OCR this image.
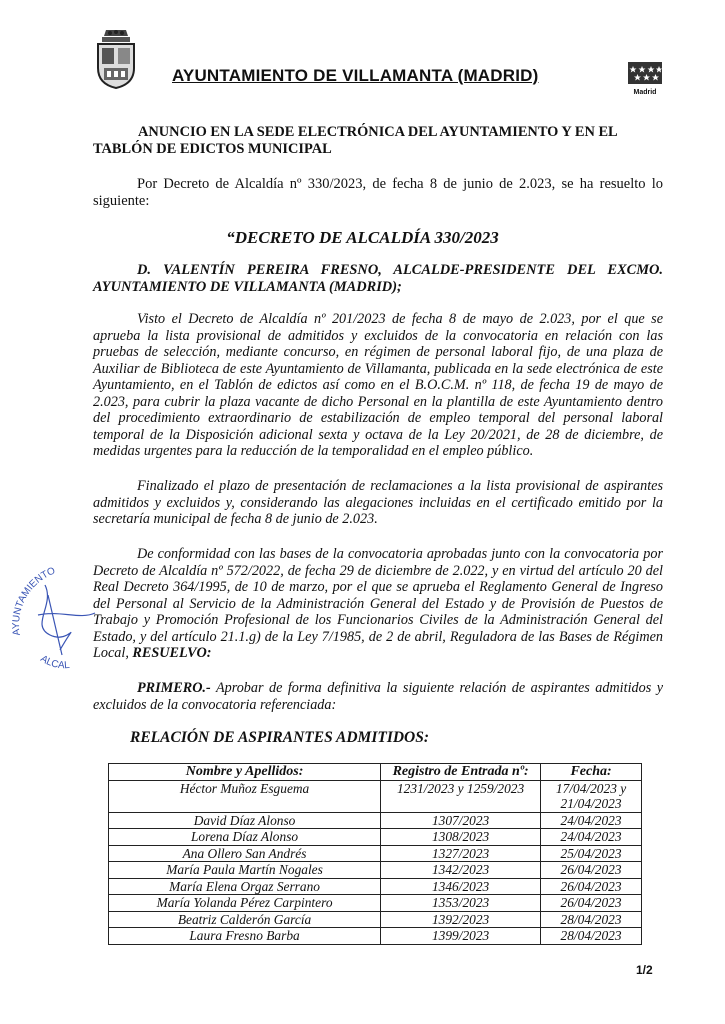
AYUNTAMIENTO DE VILLAMANTA (MADRID)
Madrid
ANUNCIO EN LA SEDE ELECTRÓNICA DEL AYUNTAMIENTO Y EN EL
TABLÓN DE EDICTOS MUNICIPAL
Por Decreto de Alcaldía nº 330/2023, de fecha 8 de junio de 2.023, se ha resuelto lo siguiente:
“DECRETO DE ALCALDÍA 330/2023
D. VALENTÍN PEREIRA FRESNO, ALCALDE-PRESIDENTE DEL EXCMO. AYUNTAMIENTO DE VILLAMANTA (MADRID);
Visto el Decreto de Alcaldía nº 201/2023 de fecha 8 de mayo de 2.023, por el que se aprueba la lista provisional de admitidos y excluidos de la convocatoria en relación con las pruebas de selección, mediante concurso, en régimen de personal laboral fijo, de una plaza de Auxiliar de Biblioteca de este Ayuntamiento de Villamanta, publicada en la sede electrónica de este Ayuntamiento, en el Tablón de edictos así como en el B.O.C.M. nº 118, de fecha 19 de mayo de 2.023, para cubrir la plaza vacante de dicho Personal en la plantilla de este Ayuntamiento dentro del procedimiento extraordinario de estabilización de empleo temporal del personal laboral temporal de la Disposición adicional sexta y octava de la Ley 20/2021, de 28 de diciembre, de medidas urgentes para la reducción de la temporalidad en el empleo público.
Finalizado el plazo de presentación de reclamaciones a la lista provisional de aspirantes admitidos y excluidos y, considerando las alegaciones incluidas en el certificado emitido por la secretaría municipal de fecha 8 de junio de 2.023.
De conformidad con las bases de la convocatoria aprobadas junto con la convocatoria por Decreto de Alcaldía nº 572/2022, de fecha 29 de diciembre de 2.022, y en virtud del artículo 20 del Real Decreto 364/1995, de 10 de marzo, por el que se aprueba el Reglamento General de Ingreso del Personal al Servicio de la Administración General del Estado y de Provisión de Puestos de Trabajo y Promoción Profesional de los Funcionarios Civiles de la Administración General del Estado, y del artículo 21.1.g) de la Ley 7/1985, de 2 de abril, Reguladora de las Bases de Régimen Local, RESUELVO:
PRIMERO.- Aprobar de forma definitiva la siguiente relación de aspirantes admitidos y excluidos de la convocatoria referenciada:
RELACIÓN DE ASPIRANTES ADMITIDOS:
Nombre y Apellidos:	Registro de Entrada nº:	Fecha:
Héctor Muñoz Esguema	1231/2023 y 1259/2023	17/04/2023 y 21/04/2023
David Díaz Alonso	1307/2023	24/04/2023
Lorena Díaz Alonso	1308/2023	24/04/2023
Ana Ollero San Andrés	1327/2023	25/04/2023
María Paula Martín Nogales	1342/2023	26/04/2023
María Elena Orgaz Serrano	1346/2023	26/04/2023
María Yolanda Pérez Carpintero	1353/2023	26/04/2023
Beatriz Calderón García	1392/2023	28/04/2023
Laura Fresno Barba	1399/2023	28/04/2023
AYUNTAMIENTO
ALCAL
1/2
